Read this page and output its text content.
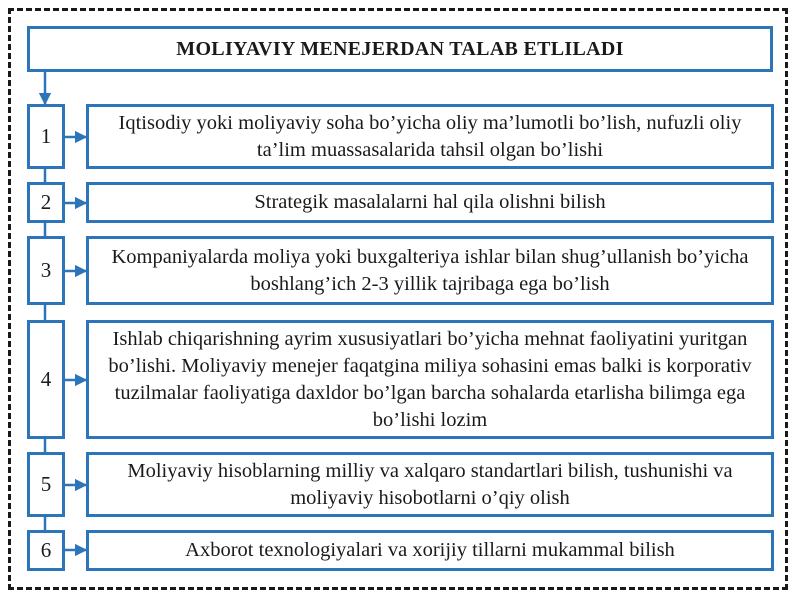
MOLIYAVIY MENEJERDAN TALAB ETLILADI
1
Iqtisodiy yoki moliyaviy soha bo’yicha oliy ma’lumotli bo’lish, nufuzli oliy ta’lim muassasalarida tahsil olgan bo’lishi
2	Strategik masalalarni hal qila olishni bilish
3
Kompaniyalarda moliya yoki buxgalteriya ishlar bilan shug’ullanish bo’yicha boshlang’ich 2-3 yillik tajribaga ega bo’lish
4
Ishlab chiqarishning ayrim xususiyatlari bo’yicha mehnat faoliyatini yuritgan bo’lishi. Moliyaviy menejer faqatgina miliya sohasini emas balki is korporativ tuzilmalar faoliyatiga daxldor bo’lgan barcha sohalarda etarlisha bilimga ega bo’lishi lozim
5
Moliyaviy hisoblarning milliy va xalqaro standartlari bilish, tushunishi va moliyaviy hisobotlarni o’qiy olish
6	Axborot texnologiyalari va xorijiy tillarni mukammal bilish
